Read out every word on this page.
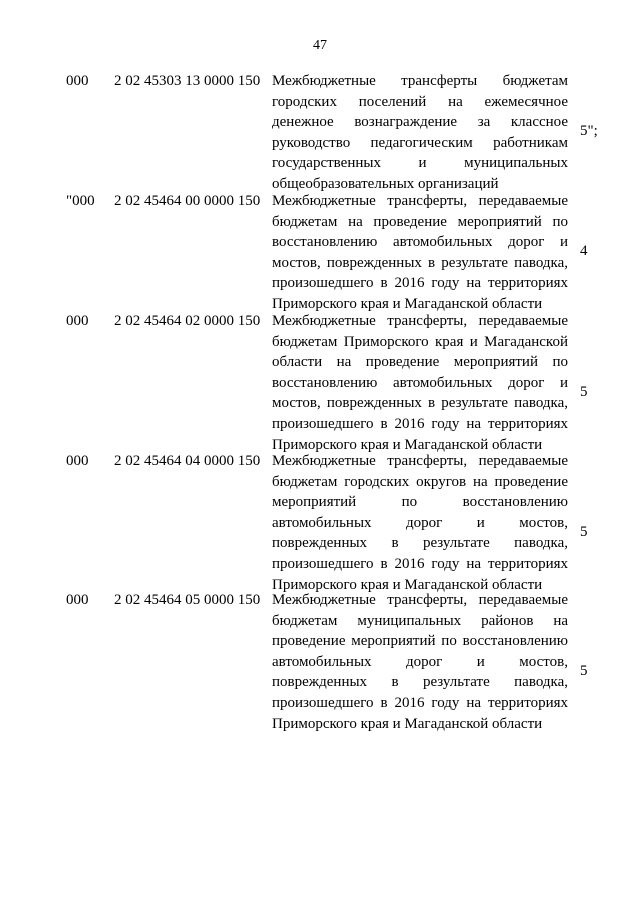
47
000 2 02 45303 13 0000 150 Межбюджетные трансферты бюджетам
городских поселений на ежемесячное
денежное вознаграждение за классное
руководство педагогическим работникам
государственных и муниципальных
общеобразовательных организаций
5";
"000 2 02 45464 00 0000 150 Межбюджетные трансферты, передаваемые
бюджетам на проведение мероприятий по
восстановлению автомобильных дорог и
мостов, поврежденных в результате паводка,
произошедшего в 2016 году на территориях
Приморского края и Магаданской области
4
000 2 02 45464 02 0000 150 Межбюджетные трансферты, передаваемые
бюджетам Приморского края и Магаданской
области на проведение мероприятий по
восстановлению автомобильных дорог и
мостов, поврежденных в результате паводка,
произошедшего в 2016 году на территориях
Приморского края и Магаданской области
5
000 2 02 45464 04 0000 150 Межбюджетные трансферты, передаваемые
бюджетам городских округов на проведение
мероприятий по восстановлению
автомобильных дорог и мостов,
поврежденных в результате паводка,
произошедшего в 2016 году на территориях
Приморского края и Магаданской области
5
000 2 02 45464 05 0000 150 Межбюджетные трансферты, передаваемые
бюджетам муниципальных районов на
проведение мероприятий по восстановлению
автомобильных дорог и мостов,
поврежденных в результате паводка,
произошедшего в 2016 году на территориях
Приморского края и Магаданской области
5
